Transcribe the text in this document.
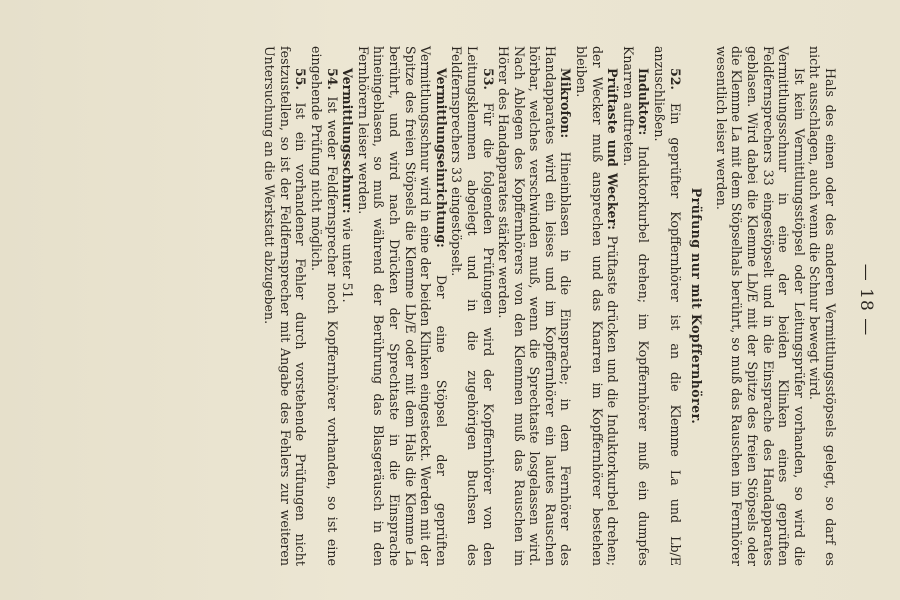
— 18 —

Hals des einen oder des anderen Vermittlungsstöpsels gelegt, so darf es nicht ausschlagen, auch wenn die Schnur bewegt wird.

Ist kein Vermittlungsstöpsel oder Leitungsprüfer vorhanden, so wird die Vermittlungsschnur in eine der beiden Klinken eines geprüften Feldfernsprechers 33 eingestöpselt und in die Einsprache des Handapparates geblasen. Wird dabei die Klemme Lb/E mit der Spitze des freien Stöpsels oder die Klemme La mit dem Stöpselhals berührt, so muß das Rauschen im Fernhörer wesentlich leiser werden.

Prüfung nur mit Kopffernhörer.

52. Ein geprüfter Kopffernhörer ist an die Klemme La und Lb/E anzuschließen.

Induktor: Induktorkurbel drehen; im Kopffernhörer muß ein dumpfes Knarren auftreten.

Prüftaste und Wecker: Prüftaste drücken und die Induktorkurbel drehen; der Wecker muß ansprechen und das Knarren im Kopffernhörer bestehen bleiben.

Mikrofon: Hineinblasen in die Einsprache; in dem Fernhörer des Handapparates wird ein leises und im Kopffernhörer ein lautes Rauschen hörbar, welches verschwinden muß, wenn die Sprechtaste losgelassen wird. Nach Ablegen des Kopffernhörers von den Klemmen muß das Rauschen im Hörer des Handapparates stärker werden.

53. Für die folgenden Prüfungen wird der Kopffernhörer von den Leitungsklemmen abgelegt und in die zugehörigen Buchsen des Feldfernsprechers 33 eingestöpselt.

Vermittlungseinrichtung: Der eine Stöpsel der geprüften Vermittlungsschnur wird in eine der beiden Klinken eingesteckt. Werden mit der Spitze des freien Stöpsels die Klemme Lb/E oder mit dem Hals die Klemme La berührt, und wird nach Drücken der Sprechtaste in die Einsprache hineingeblasen, so muß während der Berührung das Blasgeräusch in den Fernhörern leiser werden.

Vermittlungsschnur: wie unter 51.

54. Ist weder Feldfernsprecher noch Kopffernhörer vorhanden, so ist eine eingehende Prüfung nicht möglich.

55. Ist ein vorhandener Fehler durch vorstehende Prüfungen nicht festzustellen, so ist der Feldfernsprecher mit Angabe des Fehlers zur weiteren Untersuchung an die Werkstatt abzugeben.
